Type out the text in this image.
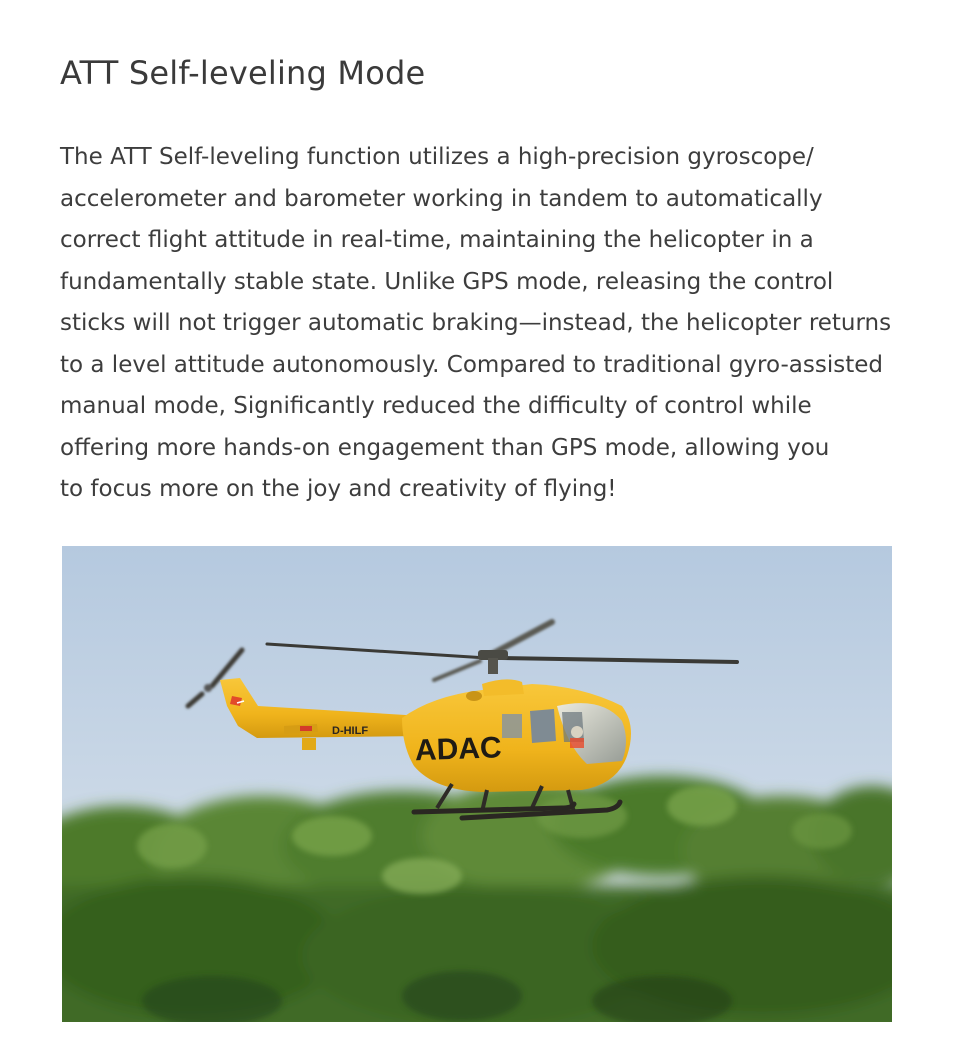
ATT Self-leveling Mode
The ATT Self-leveling function utilizes a high-precision gyroscope/
accelerometer and barometer working in tandem to automatically
correct flight attitude in real-time, maintaining the helicopter in a
fundamentally stable state. Unlike GPS mode, releasing the control
sticks will not trigger automatic braking—instead, the helicopter returns
to a level attitude autonomously. Compared to traditional gyro-assisted
manual mode, Significantly reduced the difficulty of control while
offering more hands-on engagement than GPS mode, allowing you
to focus more on the joy and creativity of flying!
ADAC
D-HILF
